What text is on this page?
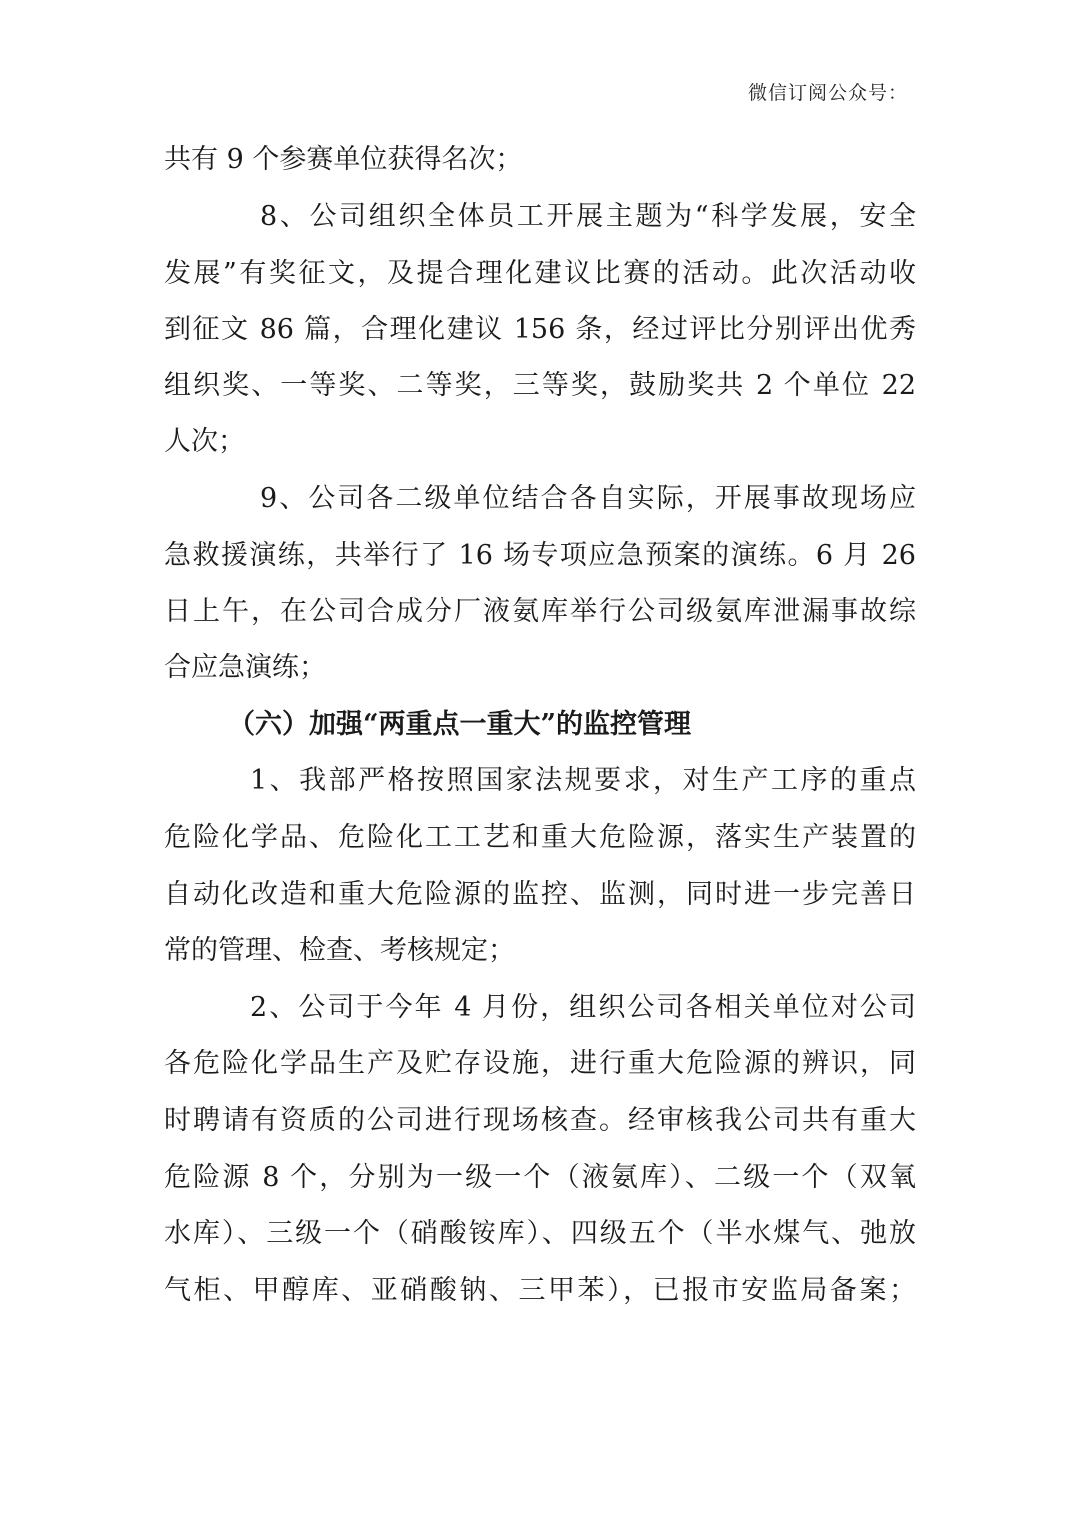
微信订阅公众号：
共有 9 个参赛单位获得名次；
8、公司组织全体员工开展主题为“科学发展，安全
发展”有奖征文，及提合理化建议比赛的活动。此次活动收
到征文 86 篇，合理化建议 156 条，经过评比分别评出优秀
组织奖、一等奖、二等奖，三等奖，鼓励奖共 2 个单位 22
人次；
9、公司各二级单位结合各自实际，开展事故现场应
急救援演练，共举行了 16 场专项应急预案的演练。6 月 26
日上午，在公司合成分厂液氨库举行公司级氨库泄漏事故综
合应急演练；
（六）加强“两重点一重大”的监控管理
1、我部严格按照国家法规要求，对生产工序的重点
危险化学品、危险化工工艺和重大危险源，落实生产装置的
自动化改造和重大危险源的监控、监测，同时进一步完善日
常的管理、检查、考核规定；
2、公司于今年 4 月份，组织公司各相关单位对公司
各危险化学品生产及贮存设施，进行重大危险源的辨识，同
时聘请有资质的公司进行现场核查。经审核我公司共有重大
危险源 8 个，分别为一级一个（液氨库）、二级一个（双氧
水库）、三级一个（硝酸铵库）、四级五个（半水煤气、弛放
气柜、甲醇库、亚硝酸钠、三甲苯），已报市安监局备案；
